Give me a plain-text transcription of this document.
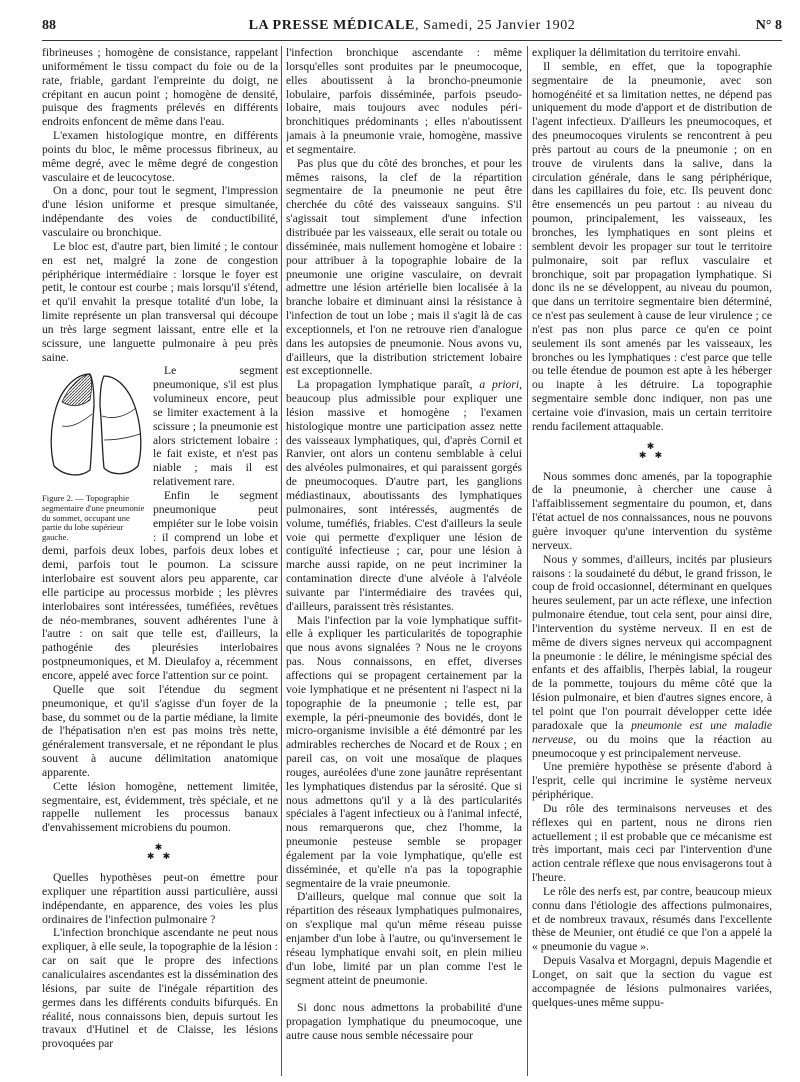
88	LA PRESSE MÉDICALE, Samedi, 25 Janvier 1902	N° 8

fibrineuses ; homogène de consistance, rappelant uniformément le tissu compact du foie ou de la rate, friable, gardant l'empreinte du doigt, ne crépitant en aucun point ; homogène de densité, puisque des fragments prélevés en différents endroits enfoncent de même dans l'eau.

L'examen histologique montre, en différents points du bloc, le même processus fibrineux, au même degré, avec le même degré de congestion vasculaire et de leucocytose.

On a donc, pour tout le segment, l'impression d'une lésion uniforme et presque simultanée, indépendante des voies de conductibilité, vasculaire ou bronchique.

Le bloc est, d'autre part, bien limité ; le contour en est net, malgré la zone de congestion périphérique intermédiaire : lorsque le foyer est petit, le contour est courbe ; mais lorsqu'il s'étend, et qu'il envahit la presque totalité d'un lobe, la limite représente un plan transversal qui découpe un très large segment laissant, entre elle et la scissure, une languette pulmonaire à peu près saine.

Figure 2. — Topographie segmentaire d'une pneumonie du sommet, occupant une partie du lobe supérieur gauche.

Le segment pneumonique, s'il est plus volumineux encore, peut se limiter exactement à la scissure ; la pneumonie est alors strictement lobaire : le fait existe, et n'est pas niable ; mais il est relativement rare.

Enfin le segment pneumonique peut empiéter sur le lobe voisin : il comprend un lobe et demi, parfois deux lobes, parfois deux lobes et demi, parfois tout le poumon. La scissure interlobaire est souvent alors peu apparente, car elle participe au processus morbide ; les plèvres interlobaires sont intéressées, tuméfiées, revêtues de néo-membranes, souvent adhérentes l'une à l'autre : on sait que telle est, d'ailleurs, la pathogénie des pleurésies interlobaires postpneumoniques, et M. Dieulafoy a, récemment encore, appelé avec force l'attention sur ce point.

Quelle que soit l'étendue du segment pneumonique, et qu'il s'agisse d'un foyer de la base, du sommet ou de la partie médiane, la limite de l'hépatisation n'en est pas moins très nette, généralement transversale, et ne répondant le plus souvent à aucune délimitation anatomique apparente.

Cette lésion homogène, nettement limitée, segmentaire, est, évidemment, très spéciale, et ne rappelle nullement les processus banaux d'envahissement microbiens du poumon.

✱
✱ ✱

Quelles hypothèses peut-on émettre pour expliquer une répartition aussi particulière, aussi indépendante, en apparence, des voies les plus ordinaires de l'infection pulmonaire ?

L'infection bronchique ascendante ne peut nous expliquer, à elle seule, la topographie de la lésion : car on sait que le propre des infections canaliculaires ascendantes est la dissémination des lésions, par suite de l'inégale répartition des germes dans les différents conduits bifurqués. En réalité, nous connaissons bien, depuis surtout les travaux d'Hutinel et de Claisse, les lésions provoquées par

l'infection bronchique ascendante : même lorsqu'elles sont produites par le pneumocoque, elles aboutissent à la broncho-pneumonie lobulaire, parfois disséminée, parfois pseudo-lobaire, mais toujours avec nodules péri-bronchitiques prédominants ; elles n'aboutissent jamais à la pneumonie vraie, homogène, massive et segmentaire.

Pas plus que du côté des bronches, et pour les mêmes raisons, la clef de la répartition segmentaire de la pneumonie ne peut être cherchée du côté des vaisseaux sanguins. S'il s'agissait tout simplement d'une infection distribuée par les vaisseaux, elle serait ou totale ou disséminée, mais nullement homogène et lobaire : pour attribuer à la topographie lobaire de la pneumonie une origine vasculaire, on devrait admettre une lésion artérielle bien localisée à la branche lobaire et diminuant ainsi la résistance à l'infection de tout un lobe ; mais il s'agit là de cas exceptionnels, et l'on ne retrouve rien d'analogue dans les autopsies de pneumonie. Nous avons vu, d'ailleurs, que la distribution strictement lobaire est exceptionnelle.

La propagation lymphatique paraît, a priori, beaucoup plus admissible pour expliquer une lésion massive et homogène ; l'examen histologique montre une participation assez nette des vaisseaux lymphatiques, qui, d'après Cornil et Ranvier, ont alors un contenu semblable à celui des alvéoles pulmonaires, et qui paraissent gorgés de pneumocoques. D'autre part, les ganglions médiastinaux, aboutissants des lymphatiques pulmonaires, sont intéressés, augmentés de volume, tuméfiés, friables. C'est d'ailleurs la seule voie qui permette d'expliquer une lésion de contiguïté infectieuse ; car, pour une lésion à marche aussi rapide, on ne peut incriminer la contamination directe d'une alvéole à l'alvéole suivante par l'intermédiaire des travées qui, d'ailleurs, paraissent très résistantes.

Mais l'infection par la voie lymphatique suffit-elle à expliquer les particularités de topographie que nous avons signalées ? Nous ne le croyons pas. Nous connaissons, en effet, diverses affections qui se propagent certainement par la voie lymphatique et ne présentent ni l'aspect ni la topographie de la pneumonie ; telle est, par exemple, la péri-pneumonie des bovidés, dont le micro-organisme invisible a été démontré par les admirables recherches de Nocard et de Roux ; en pareil cas, on voit une mosaïque de plaques rouges, auréolées d'une zone jaunâtre représentant les lymphatiques distendus par la sérosité. Que si nous admettons qu'il y a là des particularités spéciales à l'agent infectieux ou à l'animal infecté, nous remarquerons que, chez l'homme, la pneumonie pesteuse semble se propager également par la voie lymphatique, qu'elle est disséminée, et qu'elle n'a pas la topographie segmentaire de la vraie pneumonie.

D'ailleurs, quelque mal connue que soit la répartition des réseaux lymphatiques pulmonaires, on s'explique mal qu'un même réseau puisse enjamber d'un lobe à l'autre, ou qu'inversement le réseau lymphatique envahi soit, en plein milieu d'un lobe, limité par un plan comme l'est le segment atteint de pneumonie.

Si donc nous admettons la probabilité d'une propagation lymphatique du pneumocoque, une autre cause nous semble nécessaire pour

expliquer la délimitation du territoire envahi.

Il semble, en effet, que la topographie segmentaire de la pneumonie, avec son homogénéité et sa limitation nettes, ne dépend pas uniquement du mode d'apport et de distribution de l'agent infectieux. D'ailleurs les pneumocoques, et des pneumocoques virulents se rencontrent à peu près partout au cours de la pneumonie ; on en trouve de virulents dans la salive, dans la circulation générale, dans le sang périphérique, dans les capillaires du foie, etc. Ils peuvent donc être ensemencés un peu partout : au niveau du poumon, principalement, les vaisseaux, les bronches, les lymphatiques en sont pleins et semblent devoir les propager sur tout le territoire pulmonaire, soit par reflux vasculaire et bronchique, soit par propagation lymphatique. Si donc ils ne se développent, au niveau du poumon, que dans un territoire segmentaire bien déterminé, ce n'est pas seulement à cause de leur virulence ; ce n'est pas non plus parce ce qu'en ce point seulement ils sont amenés par les vaisseaux, les bronches ou les lymphatiques : c'est parce que telle ou telle étendue de poumon est apte à les héberger ou inapte à les détruire. La topographie segmentaire semble donc indiquer, non pas une certaine voie d'invasion, mais un certain territoire rendu facilement attaquable.

✱
✱ ✱

Nous sommes donc amenés, par la topographie de la pneumonie, à chercher une cause à l'affaiblissement segmentaire du poumon, et, dans l'état actuel de nos connaissances, nous ne pouvons guère invoquer qu'une intervention du système nerveux.

Nous y sommes, d'ailleurs, incités par plusieurs raisons : la soudaineté du début, le grand frisson, le coup de froid occasionnel, déterminant en quelques heures seulement, par un acte réflexe, une infection pulmonaire étendue, tout cela sent, pour ainsi dire, l'intervention du système nerveux. Il en est de même de divers signes nerveux qui accompagnent la pneumonie : le délire, le méningisme spécial des enfants et des affaiblis, l'herpès labial, la rougeur de la pommette, toujours du même côté que la lésion pulmonaire, et bien d'autres signes encore, à tel point que l'on pourrait développer cette idée paradoxale que la pneumonie est une maladie nerveuse, ou du moins que la réaction au pneumocoque y est principalement nerveuse.

Une première hypothèse se présente d'abord à l'esprit, celle qui incrimine le système nerveux périphérique.

Du rôle des terminaisons nerveuses et des réflexes qui en partent, nous ne dirons rien actuellement ; il est probable que ce mécanisme est très important, mais ceci par l'intervention d'une action centrale réflexe que nous envisagerons tout à l'heure.

Le rôle des nerfs est, par contre, beaucoup mieux connu dans l'étiologie des affections pulmonaires, et de nombreux travaux, résumés dans l'excellente thèse de Meunier, ont étudié ce que l'on a appelé la « pneumonie du vague ».

Depuis Vasalva et Morgagni, depuis Magendie et Longet, on sait que la section du vague est accompagnée de lésions pulmonaires variées, quelques-unes même suppu-
